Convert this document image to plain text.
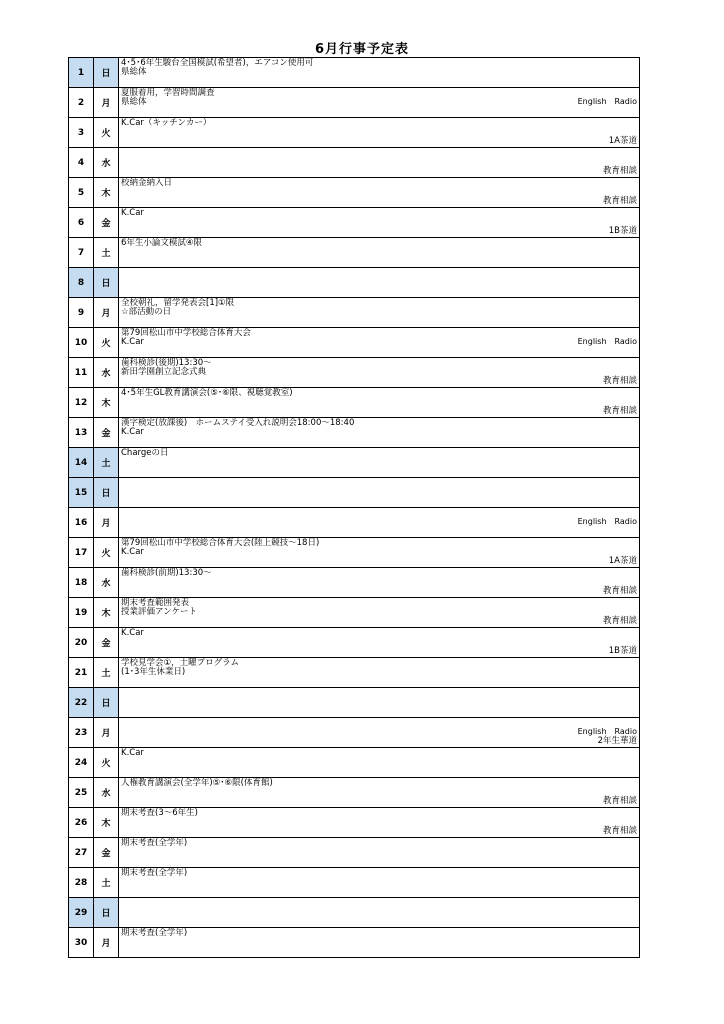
6月行事予定表
1	日	4･5･6年生駿台全国模試(希望者)，エアコン使用可
県総体

2	月	夏服着用，学習時間調査
県総体 English　Radio

3	火	K.Car（キッチンカー）
1A茶道

4	水	教育相談

5	木	校納金納入日
教育相談

6	金	K.Car
1B茶道

7	土	6年生小論文模試④限

8	日	
9	月	全校朝礼，留学発表会[1]①限
☆部活動の日

10	火	第79回松山市中学校総合体育大会
K.Car English　Radio

11	水	歯科検診(後期)13:30～
新田学園創立記念式典
教育相談

12	木	4･5年生GL教育講演会(⑤･⑥限、視聴覚教室)
教育相談

13	金	漢字検定(放課後)　ホームステイ受入れ説明会18:00～18:40
K.Car

14	土	Chargeの日

15	日	
16	月	English　Radio

17	火	第79回松山市中学校総合体育大会(陸上競技～18日)
K.Car
1A茶道

18	水	歯科検診(前期)13:30～
教育相談

19	木	期末考査範囲発表
授業評価アンケート
教育相談

20	金	K.Car
1B茶道

21	土	学校見学会①，土曜プログラム
(1･3年生休業日)

22	日	
23	月	English　Radio
2年生華道

24	火	K.Car

25	水	人権教育講演会(全学年)⑤･⑥限(体育館)
教育相談

26	木	期末考査(3～6年生)
教育相談

27	金	期末考査(全学年)

28	土	期末考査(全学年)

29	日	
30	月	期末考査(全学年)
